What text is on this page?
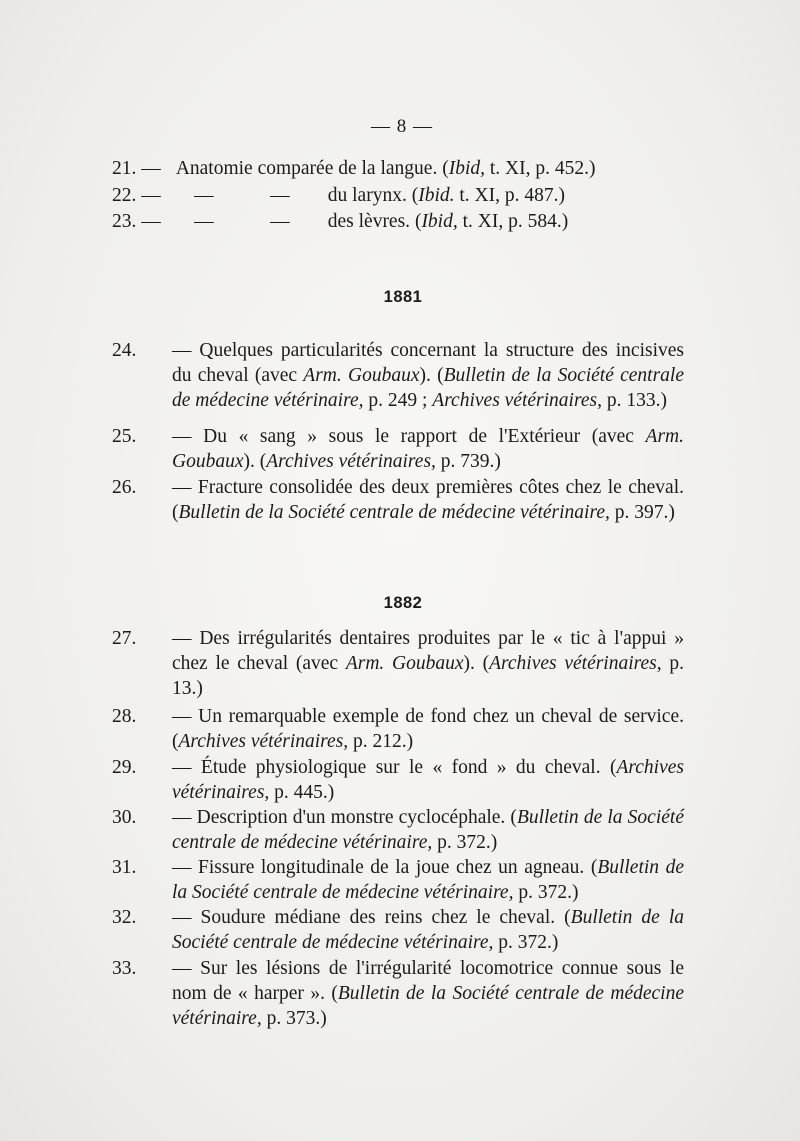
— 8 —
21. — Anatomie comparée de la langue. (Ibid, t. XI, p. 452.)
22. — —	— du larynx. (Ibid. t. XI, p. 487.)
23. — —	— des lèvres. (Ibid, t. XI, p. 584.)
1881
24.	— Quelques particularités concernant la structure des incisives du cheval (avec Arm. Goubaux). (Bulletin de la Société centrale de médecine vétérinaire, p. 249 ; Archives vétérinaires, p. 133.)
25.	— Du « sang » sous le rapport de l'Extérieur (avec Arm. Goubaux). (Archives vétérinaires, p. 739.)
26.	— Fracture consolidée des deux premières côtes chez le cheval. (Bulletin de la Société centrale de médecine vétérinaire, p. 397.)
1882
27.	— Des irrégularités dentaires produites par le « tic à l'appui » chez le cheval (avec Arm. Goubaux). (Archives vétérinaires, p. 13.)
28.	— Un remarquable exemple de fond chez un cheval de service. (Archives vétérinaires, p. 212.)
29.	— Étude physiologique sur le « fond » du cheval. (Archives vétérinaires, p. 445.)
30.	— Description d'un monstre cyclocéphale. (Bulletin de la Société centrale de médecine vétérinaire, p. 372.)
31.	— Fissure longitudinale de la joue chez un agneau. (Bulletin de la Société centrale de médecine vétérinaire, p. 372.)
32.	— Soudure médiane des reins chez le cheval. (Bulletin de la Société centrale de médecine vétérinaire, p. 372.)
33.	— Sur les lésions de l'irrégularité locomotrice connue sous le nom de « harper ». (Bulletin de la Société centrale de médecine vétérinaire, p. 373.)
